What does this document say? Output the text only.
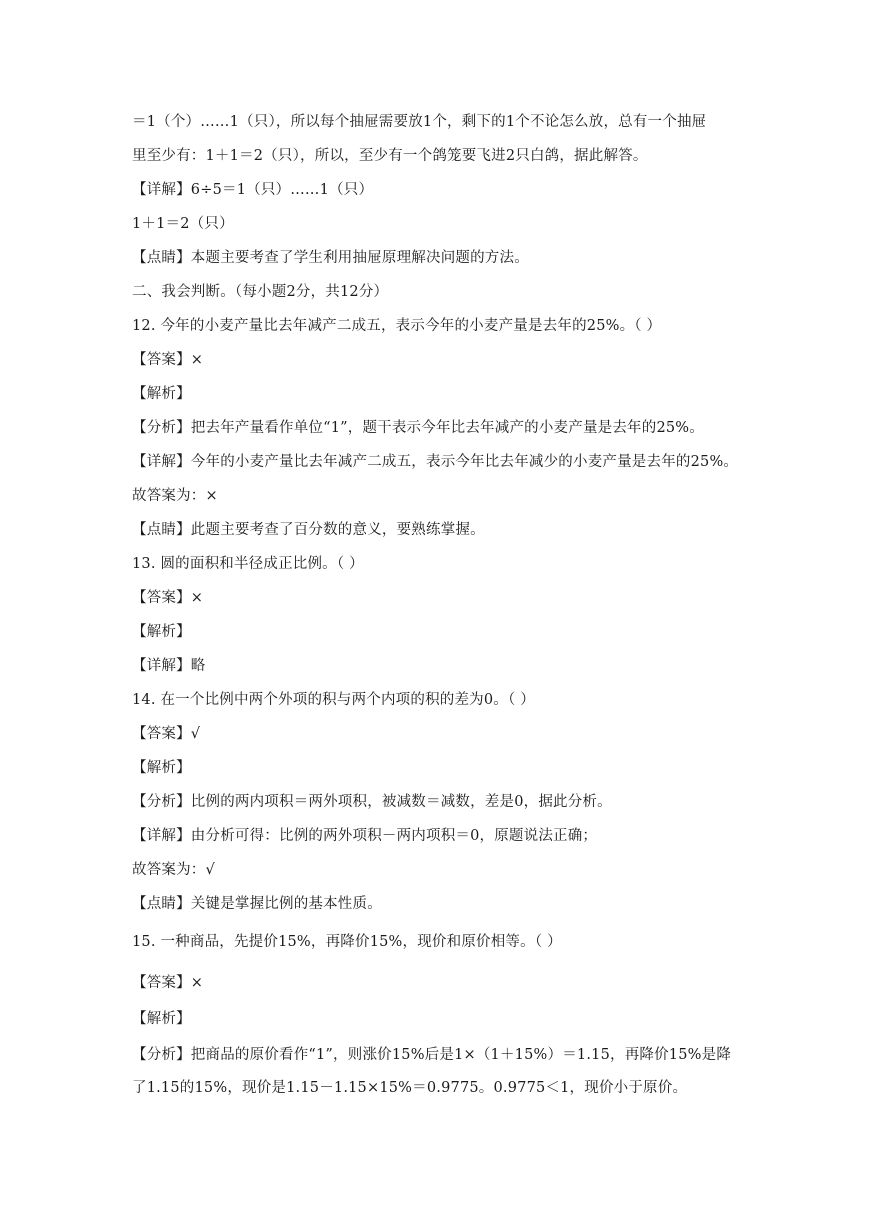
＝1（个）……1（只），所以每个抽屉需要放1个，剩下的1个不论怎么放，总有一个抽屉
里至少有：1＋1＝2（只），所以，至少有一个鸽笼要飞进2只白鸽，据此解答。
【详解】6÷5＝1（只）……1（只）
1＋1＝2（只）
【点睛】本题主要考查了学生利用抽屉原理解决问题的方法。
二、我会判断。（每小题2分，共12分）
12. 今年的小麦产量比去年减产二成五，表示今年的小麦产量是去年的25%。（ ）
【答案】×
【解析】
【分析】把去年产量看作单位“1”，题干表示今年比去年减产的小麦产量是去年的25%。
【详解】今年的小麦产量比去年减产二成五，表示今年比去年减少的小麦产量是去年的25%。
故答案为：×
【点睛】此题主要考查了百分数的意义，要熟练掌握。
13. 圆的面积和半径成正比例。（ ）
【答案】×
【解析】
【详解】略
14. 在一个比例中两个外项的积与两个内项的积的差为0。（ ）
【答案】√
【解析】
【分析】比例的两内项积＝两外项积，被减数＝减数，差是0，据此分析。
【详解】由分析可得：比例的两外项积－两内项积＝0，原题说法正确；
故答案为：√
【点睛】关键是掌握比例的基本性质。
15. 一种商品，先提价15%，再降价15%，现价和原价相等。（ ）
【答案】×
【解析】
【分析】把商品的原价看作“1”，则涨价15%后是1×（1＋15%）＝1.15，再降价15%是降
了1.15的15%，现价是1.15－1.15×15%＝0.9775。0.9775＜1，现价小于原价。
